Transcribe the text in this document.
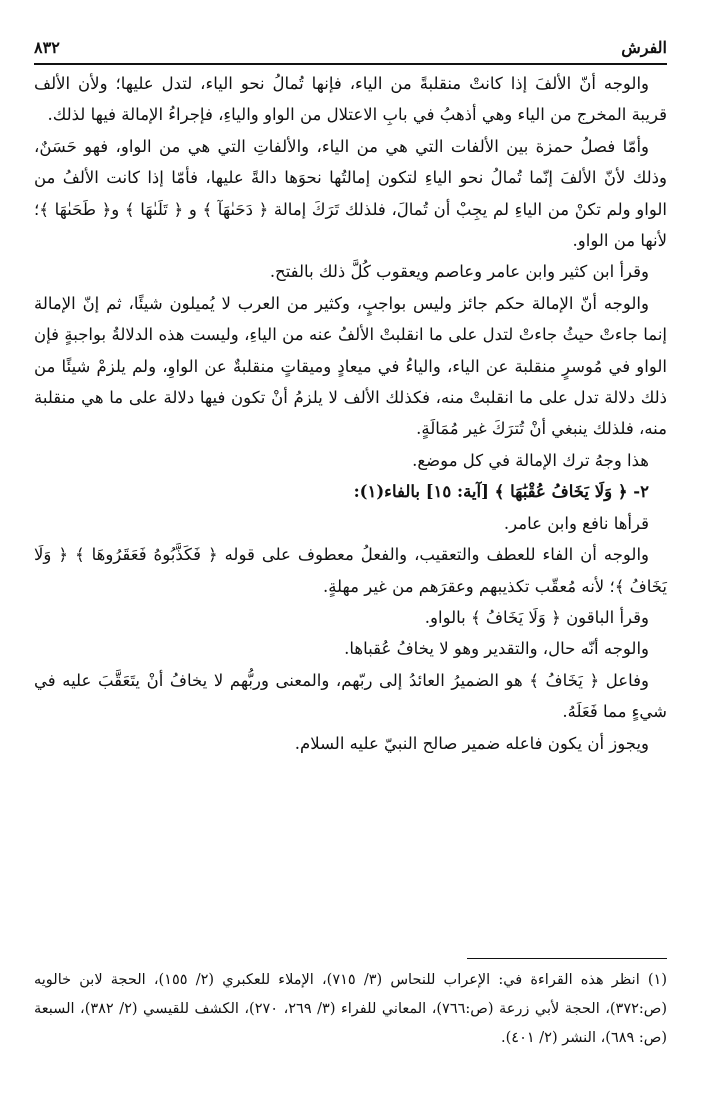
الفرش
٨٣٢

والوجه أنّ الألفَ إذا كانتْ منقلبةً من الياء، فإنها تُمالُ نحو الياء، لتدل عليها؛ ولأن الألف قريبة المخرج من الياء وهي أذهبُ في بابِ الاعتلال من الواو والياءِ، فإجراءُ الإمالة فيها لذلك.

وأمّا فصلُ حمزة بين الألفات التي هي من الياء، والألفاتِ التي هي من الواو، فهو حَسَنٌ، وذلك لأنّ الألفَ إنّما تُمالُ نحو الياءِ لتكون إمالتُها نحوَها دالةً عليها، فأمّا إذا كانت الألفُ من الواو ولم تكنْ من الياءِ لم يجِبْ أن تُمالَ، فلذلك تَرَكَ إمالة ﴿ دَحَىٰهَآ ﴾ و ﴿ تَلَىٰهَا ﴾ و﴿ طَحَىٰهَا ﴾؛ لأنها من الواو.

وقرأ ابن كثير وابن عامر وعاصم ويعقوب كُلَّ ذلك بالفتح.

والوجه أنّ الإمالة حكم جائز وليس بواجبٍ، وكثير من العرب لا يُميلون شيئًا، ثم إنّ الإمالة إنما جاءتْ حيثُ جاءتْ لتدل على ما انقلبتْ الألفُ عنه من الياءِ، وليست هذه الدلالةُ بواجبةٍ فإن الواو في مُوسرٍ منقلبة عن الياء، والياءُ في ميعادٍ وميقاتٍ منقلبةٌ عن الواوِ، ولم يلزمْ شيئًا من ذلك دلالة تدل على ما انقلبتْ منه، فكذلك الألف لا يلزمُ أنْ تكون فيها دلالة على ما هي منقلبة منه، فلذلك ينبغي أنْ تُترَكَ غير مُمَالَةٍ.

هذا وجهُ ترك الإمالة في كل موضع.

٢- ﴿ وَلَا يَخَافُ عُقْبَٰهَا ﴾ [آية: ١٥] بالفاء(١):

قرأها نافع وابن عامر.

والوجه أن الفاء للعطف والتعقيب، والفعلُ معطوف على قوله ﴿ فَكَذَّبُوهُ فَعَقَرُوهَا ﴾ ﴿ وَلَا يَخَافُ ﴾؛ لأنه مُعقّب تكذيبهم وعقرَهم من غير مهلةٍ.

وقرأ الباقون ﴿ وَلَا يَخَافُ ﴾ بالواو.

والوجه أنّه حال، والتقدير وهو لا يخافُ عُقباها.

وفاعل ﴿ يَخَافُ ﴾ هو الضميرُ العائدُ إلى ربّهم، والمعنى وربُّهم لا يخافُ أنْ يتَعَقَّبَ عليه في شيءٍ مما فَعَلَهُ.

ويجوز أن يكون فاعله ضمير صالح النبيّ عليه السلام.

(١) انظر هذه القراءة في: الإعراب للنحاس (٣/ ٧١٥)، الإملاء للعكبري (٢/ ١٥٥)، الحجة لابن خالويه (ص:٣٧٢)، الحجة لأبي زرعة (ص:٧٦٦)، المعاني للفراء (٣/ ٢٦٩، ٢٧٠)، الكشف للقيسي (٢/ ٣٨٢)، السبعة (ص: ٦٨٩)، النشر (٢/ ٤٠١).
